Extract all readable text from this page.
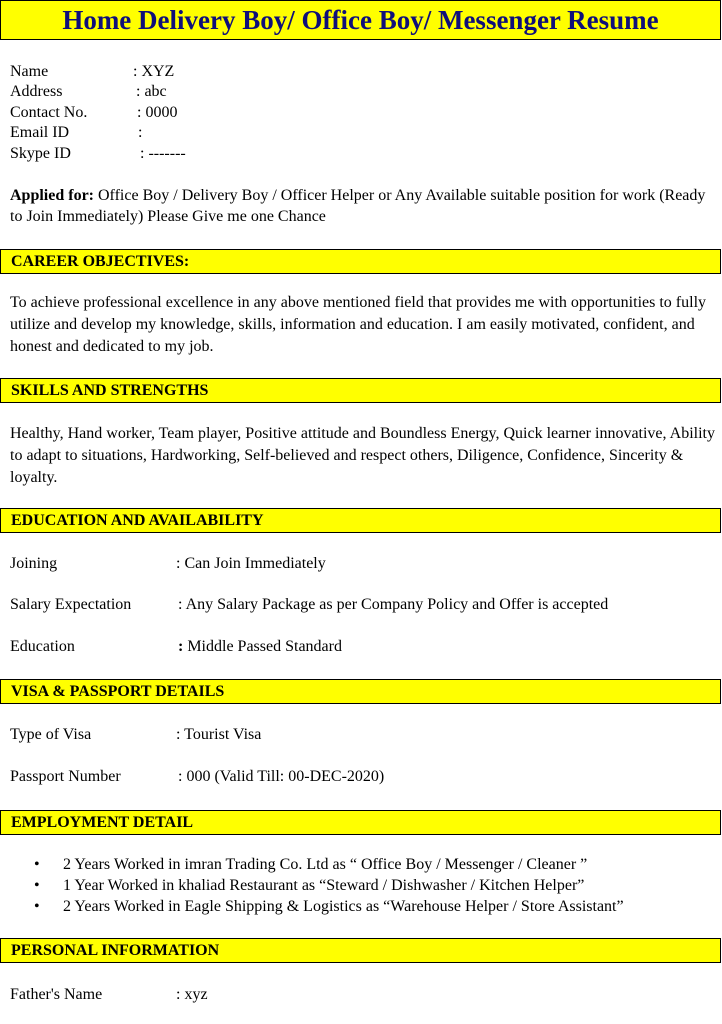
Home Delivery Boy/ Office Boy/ Messenger Resume
Name	: XYZ
Address	: abc
Contact No.	: 0000
Email ID	:
Skype ID	: -------
Applied for: Office Boy / Delivery Boy / Officer Helper or Any Available suitable position for work (Ready to Join Immediately) Please Give me one Chance
CAREER OBJECTIVES:
To achieve professional excellence in any above mentioned field that provides me with opportunities to fully utilize and develop my knowledge, skills, information and education. I am easily motivated, confident, and honest and dedicated to my job.
SKILLS AND STRENGTHS
Healthy, Hand worker, Team player, Positive attitude and Boundless Energy, Quick learner innovative, Ability to adapt to situations, Hardworking, Self-believed and respect others, Diligence, Confidence, Sincerity & loyalty.
EDUCATION AND AVAILABILITY
Joining	: Can Join Immediately
Salary Expectation	: Any Salary Package as per Company Policy and Offer is accepted
Education	: Middle Passed Standard
VISA & PASSPORT DETAILS
Type of Visa	: Tourist Visa
Passport Number	: 000 (Valid Till: 00-DEC-2020)
EMPLOYMENT DETAIL
• 2 Years Worked in imran Trading Co. Ltd as “ Office Boy / Messenger / Cleaner ”
• 1 Year Worked in khaliad Restaurant as “Steward / Dishwasher / Kitchen Helper”
• 2 Years Worked in Eagle Shipping & Logistics as “Warehouse Helper / Store Assistant”
PERSONAL INFORMATION
Father's Name	: xyz
